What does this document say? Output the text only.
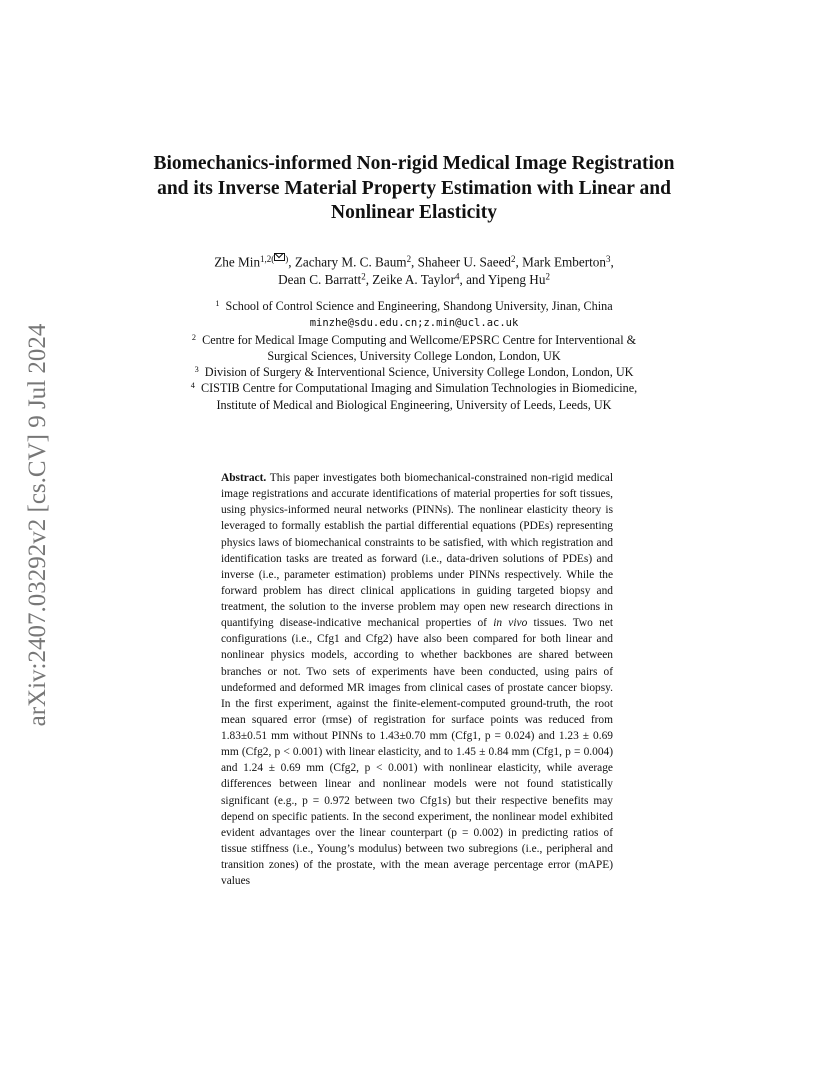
arXiv:2407.03292v2 [cs.CV] 9 Jul 2024
Biomechanics-informed Non-rigid Medical Image Registration and its Inverse Material Property Estimation with Linear and Nonlinear Elasticity
Zhe Min$^{1,2( )}$, Zachary M. C. Baum$^2$, Shaheer U. Saeed$^2$, Mark Emberton$^3$,
Dean C. Barratt$^2$, Zeike A. Taylor$^4$, and Yipeng Hu$^2$

$^1$ School of Control Science and Engineering, Shandong University, Jinan, China
minzhe@sdu.edu.cn;z.min@ucl.ac.uk

$^2$ Centre for Medical Image Computing and Wellcome/EPSRC Centre for Interventional & Surgical Sciences, University College London, London, UK

$^3$ Division of Surgery & Interventional Science, University College London, London, UK

$^4$ CISTIB Centre for Computational Imaging and Simulation Technologies in Biomedicine, Institute of Medical and Biological Engineering, University of Leeds, Leeds, UK

Abstract. This paper investigates both biomechanical-constrained non-rigid medical image registrations and accurate identifications of material properties for soft tissues, using physics-informed neural networks (PINNs). The nonlinear elasticity theory is leveraged to formally establish the partial differential equations (PDEs) representing physics laws of biomechanical constraints to be satisfied, with which registration and identification tasks are treated as forward (i.e., data-driven solutions of PDEs) and inverse (i.e., parameter estimation) problems under PINNs respectively. While the forward problem has direct clinical applications in guiding targeted biopsy and treatment, the solution to the inverse problem may open new research directions in quantifying disease-indicative mechanical properties of in vivo tissues. Two net configurations (i.e., Cfg1 and Cfg2) have also been compared for both linear and nonlinear physics models, according to whether backbones are shared between branches or not. Two sets of experiments have been conducted, using pairs of undeformed and deformed MR images from clinical cases of prostate cancer biopsy. In the first experiment, against the finite-element-computed ground-truth, the root mean squared error (rmse) of registration for surface points was reduced from 1.83±0.51 mm without PINNs to 1.43±0.70 mm (Cfg1, p = 0.024) and 1.23 ± 0.69 mm (Cfg2, p < 0.001) with linear elasticity, and to 1.45 ± 0.84 mm (Cfg1, p = 0.004) and 1.24 ± 0.69 mm (Cfg2, p < 0.001) with nonlinear elasticity, while average differences between linear and nonlinear models were not found statistically significant (e.g., p = 0.972 between two Cfg1s) but their respective benefits may depend on specific patients. In the second experiment, the nonlinear model exhibited evident advantages over the linear counterpart (p = 0.002) in predicting ratios of tissue stiffness (i.e., Young’s modulus) between two subregions (i.e., peripheral and transition zones) of the prostate, with the mean average percentage error (mAPE) values
